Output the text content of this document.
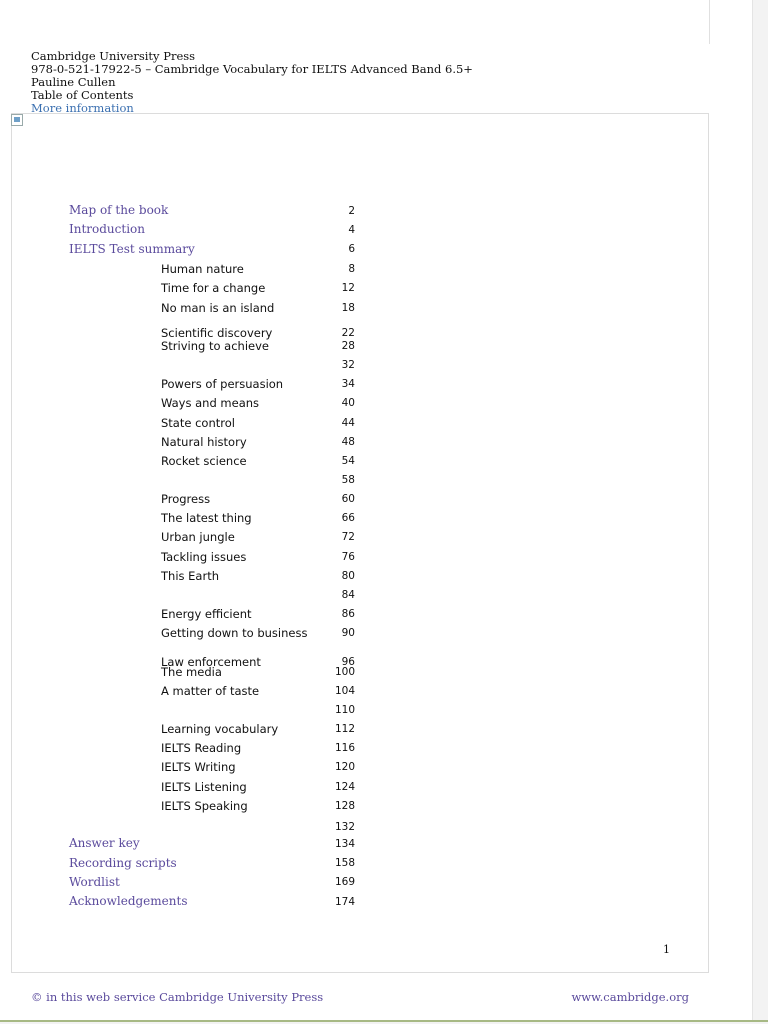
Cambridge University Press
978-0-521-17922-5 – Cambridge Vocabulary for IELTS Advanced Band 6.5+
Pauline Cullen
Table of Contents
More information
Map of the book	2
Introduction	4
IELTS Test summary	6
Human nature	8
Time for a change	12
No man is an island	18
Scientific discovery	22
Striving to achieve	28
32
Powers of persuasion	34
Ways and means	40
State control	44
Natural history	48
Rocket science	54
58
Progress	60
The latest thing	66
Urban jungle	72
Tackling issues	76
This Earth	80
84
Energy efficient	86
Getting down to business	90
Law enforcement	96
The media	100
A matter of taste	104
110
Learning vocabulary	112
IELTS Reading	116
IELTS Writing	120
IELTS Listening	124
IELTS Speaking	128
132
Answer key	134
Recording scripts	158
Wordlist	169
Acknowledgements	174
1
© in this web service Cambridge University Press	www.cambridge.org
